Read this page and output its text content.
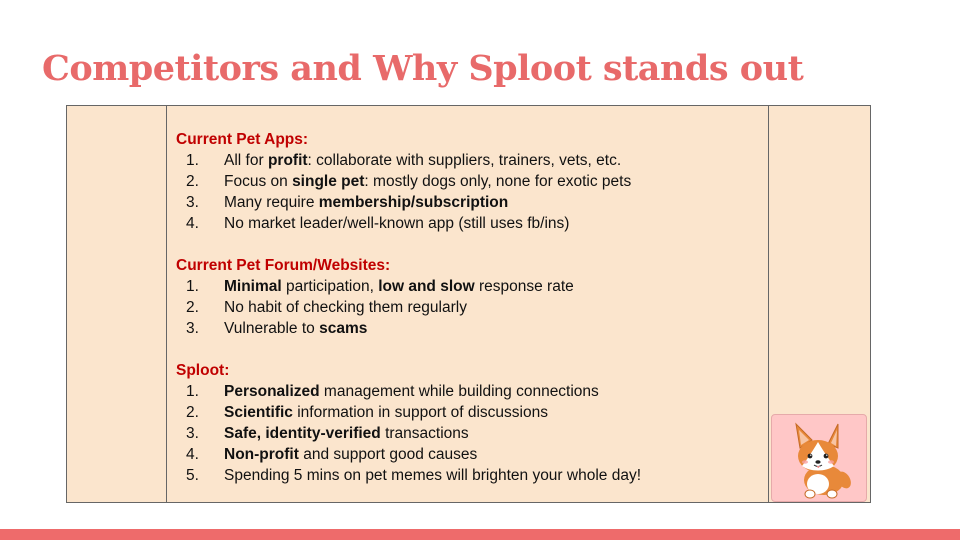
Competitors and Why Sploot stands out

Current Pet Apps:

1. All for profit: collaborate with suppliers, trainers, vets, etc.
2. Focus on single pet: mostly dogs only, none for exotic pets
3. Many require membership/subscription
4. No market leader/well-known app (still uses fb/ins)

Current Pet Forum/Websites:

1. Minimal participation, low and slow response rate
2. No habit of checking them regularly
3. Vulnerable to scams

Sploot:

1. Personalized management while building connections
2. Scientific information in support of discussions
3. Safe, identity-verified transactions
4. Non-profit and support good causes
5. Spending 5 mins on pet memes will brighten your whole day!
